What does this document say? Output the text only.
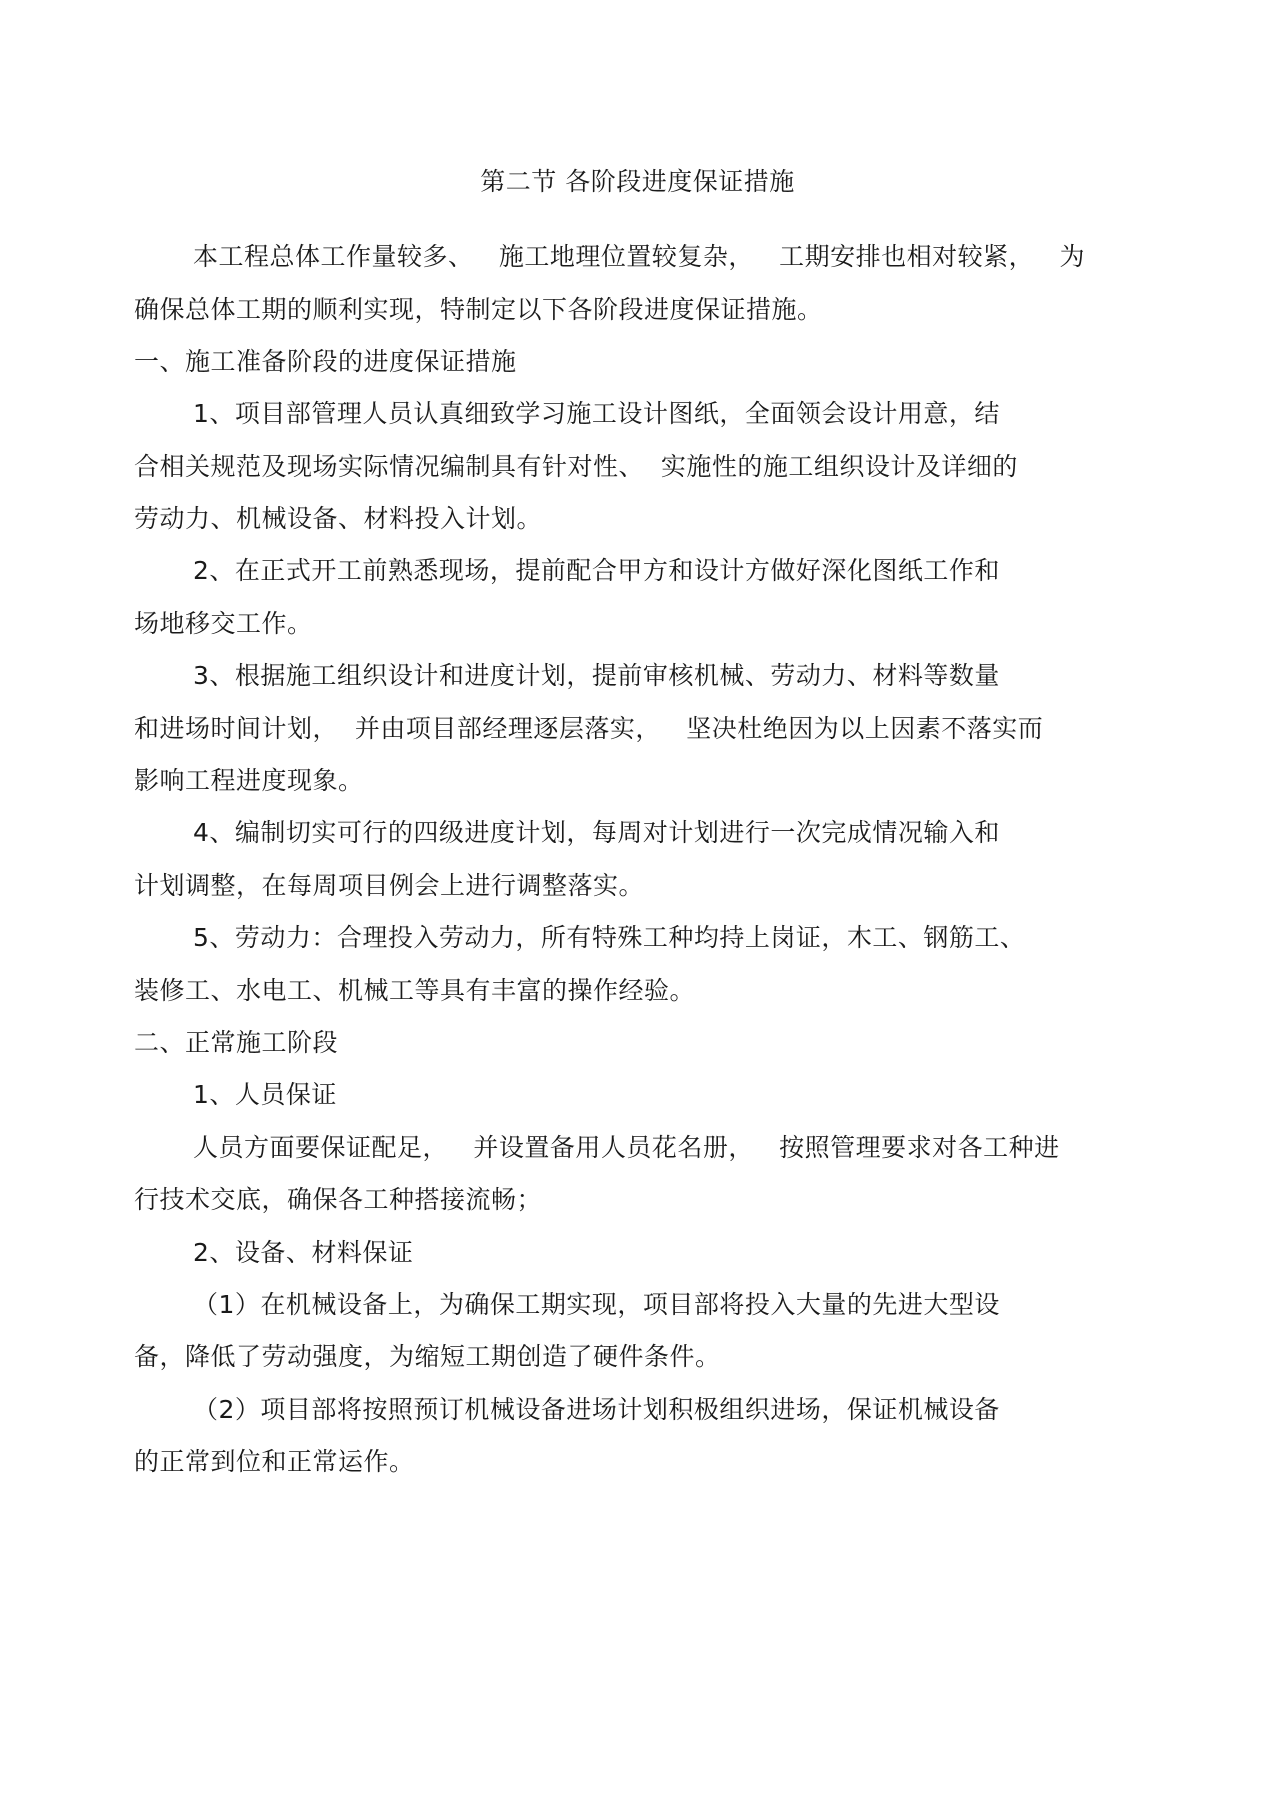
第二节 各阶段进度保证措施
本工程总体工作量较多、   施工地理位置较复杂，   工期安排也相对较紧，   为
确保总体工期的顺利实现，特制定以下各阶段进度保证措施。
一、施工准备阶段的进度保证措施
1、项目部管理人员认真细致学习施工设计图纸，全面领会设计用意，结
合相关规范及现场实际情况编制具有针对性、  实施性的施工组织设计及详细的
劳动力、机械设备、材料投入计划。
2、在正式开工前熟悉现场，提前配合甲方和设计方做好深化图纸工作和
场地移交工作。
3、根据施工组织设计和进度计划，提前审核机械、劳动力、材料等数量
和进场时间计划，  并由项目部经理逐层落实，   坚决杜绝因为以上因素不落实而
影响工程进度现象。
4、编制切实可行的四级进度计划，每周对计划进行一次完成情况输入和
计划调整，在每周项目例会上进行调整落实。
5、劳动力：合理投入劳动力，所有特殊工种均持上岗证，木工、钢筋工、
装修工、水电工、机械工等具有丰富的操作经验。
二、正常施工阶段
1、人员保证
人员方面要保证配足，   并设置备用人员花名册，   按照管理要求对各工种进
行技术交底，确保各工种搭接流畅；
2、设备、材料保证
（1）在机械设备上，为确保工期实现，项目部将投入大量的先进大型设
备，降低了劳动强度，为缩短工期创造了硬件条件。
（2）项目部将按照预订机械设备进场计划积极组织进场，保证机械设备
的正常到位和正常运作。
